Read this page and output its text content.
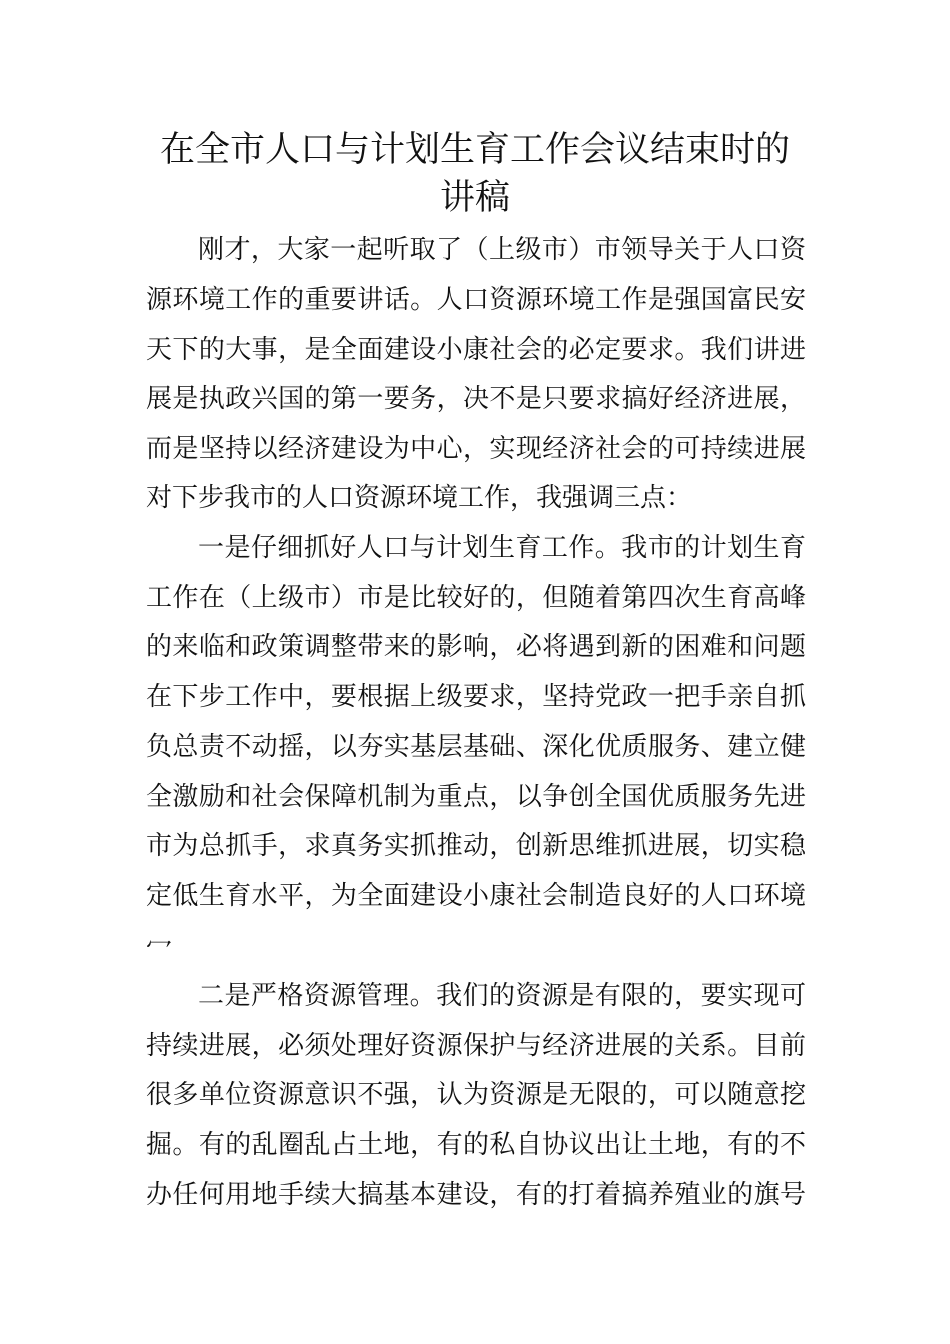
在全市人口与计划生育工作会议结束时的
讲稿
刚才，大家一起听取了（上级市）市领导关于人口资
源环境工作的重要讲话。人口资源环境工作是强国富民安
天下的大事，是全面建设小康社会的必定要求。我们讲进
展是执政兴国的第一要务，决不是只要求搞好经济进展，
而是坚持以经济建设为中心，实现经济社会的可持续进展
对下步我市的人口资源环境工作，我强调三点：
一是仔细抓好人口与计划生育工作。我市的计划生育
工作在（上级市）市是比较好的，但随着第四次生育高峰
的来临和政策调整带来的影响，必将遇到新的困难和问题
在下步工作中，要根据上级要求，坚持党政一把手亲自抓
负总责不动摇，以夯实基层基础、深化优质服务、建立健
全激励和社会保障机制为重点，以争创全国优质服务先进
市为总抓手，求真务实抓推动，创新思维抓进展，切实稳
定低生育水平，为全面建设小康社会制造良好的人口环境
冖
二是严格资源管理。我们的资源是有限的，要实现可
持续进展，必须处理好资源保护与经济进展的关系。目前
很多单位资源意识不强，认为资源是无限的，可以随意挖
掘。有的乱圈乱占土地，有的私自协议出让土地，有的不
办任何用地手续大搞基本建设，有的打着搞养殖业的旗号
